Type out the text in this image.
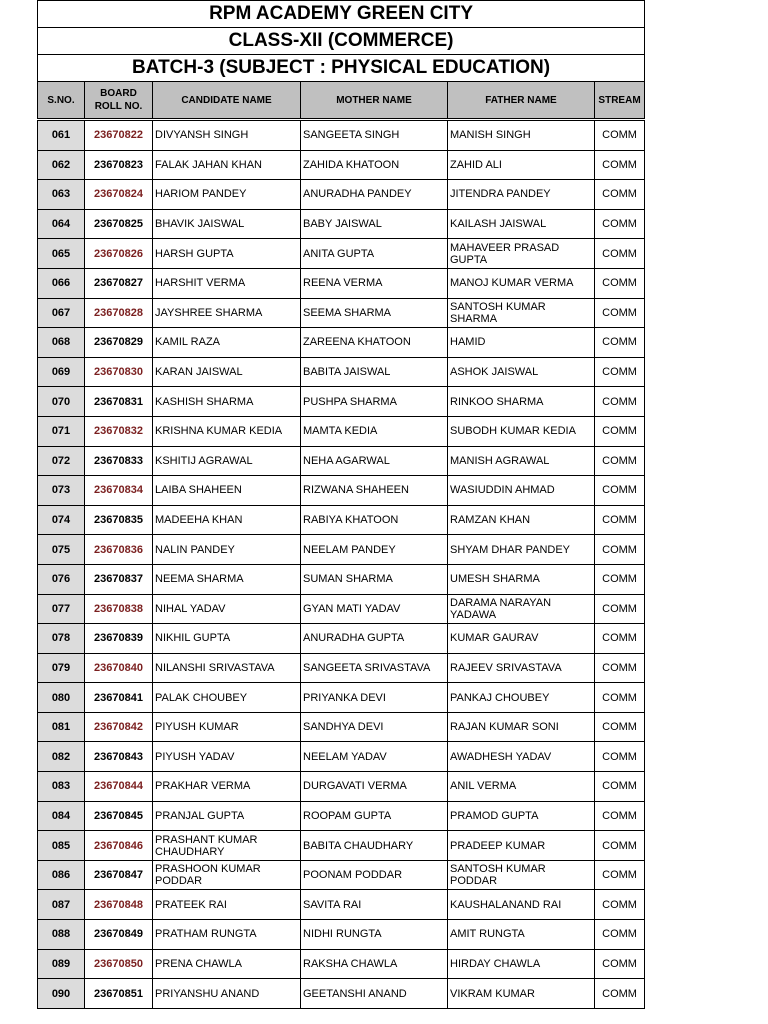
RPM ACADEMY GREEN CITY					
CLASS-XII (COMMERCE)					
BATCH-3 (SUBJECT : PHYSICAL EDUCATION)					
S.NO.	BOARD ROLL NO.	CANDIDATE NAME	MOTHER NAME	FATHER NAME	STREAM
061	23670822	DIVYANSH SINGH	SANGEETA SINGH	MANISH SINGH	COMM
062	23670823	FALAK JAHAN KHAN	ZAHIDA KHATOON	ZAHID ALI	COMM
063	23670824	HARIOM PANDEY	ANURADHA PANDEY	JITENDRA PANDEY	COMM
064	23670825	BHAVIK JAISWAL	BABY JAISWAL	KAILASH JAISWAL	COMM
065	23670826	HARSH GUPTA	ANITA GUPTA	MAHAVEER PRASAD GUPTA	COMM
066	23670827	HARSHIT VERMA	REENA VERMA	MANOJ KUMAR VERMA	COMM
067	23670828	JAYSHREE SHARMA	SEEMA SHARMA	SANTOSH KUMAR SHARMA	COMM
068	23670829	KAMIL RAZA	ZAREENA KHATOON	HAMID	COMM
069	23670830	KARAN JAISWAL	BABITA JAISWAL	ASHOK JAISWAL	COMM
070	23670831	KASHISH SHARMA	PUSHPA SHARMA	RINKOO SHARMA	COMM
071	23670832	KRISHNA KUMAR KEDIA	MAMTA KEDIA	SUBODH KUMAR KEDIA	COMM
072	23670833	KSHITIJ AGRAWAL	NEHA AGARWAL	MANISH AGRAWAL	COMM
073	23670834	LAIBA SHAHEEN	RIZWANA SHAHEEN	WASIUDDIN AHMAD	COMM
074	23670835	MADEEHA KHAN	RABIYA KHATOON	RAMZAN KHAN	COMM
075	23670836	NALIN PANDEY	NEELAM PANDEY	SHYAM DHAR PANDEY	COMM
076	23670837	NEEMA SHARMA	SUMAN SHARMA	UMESH SHARMA	COMM
077	23670838	NIHAL YADAV	GYAN MATI YADAV	DARAMA NARAYAN YADAWA	COMM
078	23670839	NIKHIL GUPTA	ANURADHA GUPTA	KUMAR GAURAV	COMM
079	23670840	NILANSHI SRIVASTAVA	SANGEETA SRIVASTAVA	RAJEEV SRIVASTAVA	COMM
080	23670841	PALAK CHOUBEY	PRIYANKA DEVI	PANKAJ CHOUBEY	COMM
081	23670842	PIYUSH KUMAR	SANDHYA DEVI	RAJAN KUMAR SONI	COMM
082	23670843	PIYUSH YADAV	NEELAM YADAV	AWADHESH YADAV	COMM
083	23670844	PRAKHAR VERMA	DURGAVATI VERMA	ANIL VERMA	COMM
084	23670845	PRANJAL GUPTA	ROOPAM GUPTA	PRAMOD GUPTA	COMM
085	23670846	PRASHANT KUMAR CHAUDHARY	BABITA CHAUDHARY	PRADEEP KUMAR	COMM
086	23670847	PRASHOON KUMAR PODDAR	POONAM PODDAR	SANTOSH KUMAR PODDAR	COMM
087	23670848	PRATEEK RAI	SAVITA RAI	KAUSHALANAND RAI	COMM
088	23670849	PRATHAM RUNGTA	NIDHI RUNGTA	AMIT RUNGTA	COMM
089	23670850	PRENA CHAWLA	RAKSHA CHAWLA	HIRDAY CHAWLA	COMM
090	23670851	PRIYANSHU ANAND	GEETANSHI ANAND	VIKRAM KUMAR	COMM
